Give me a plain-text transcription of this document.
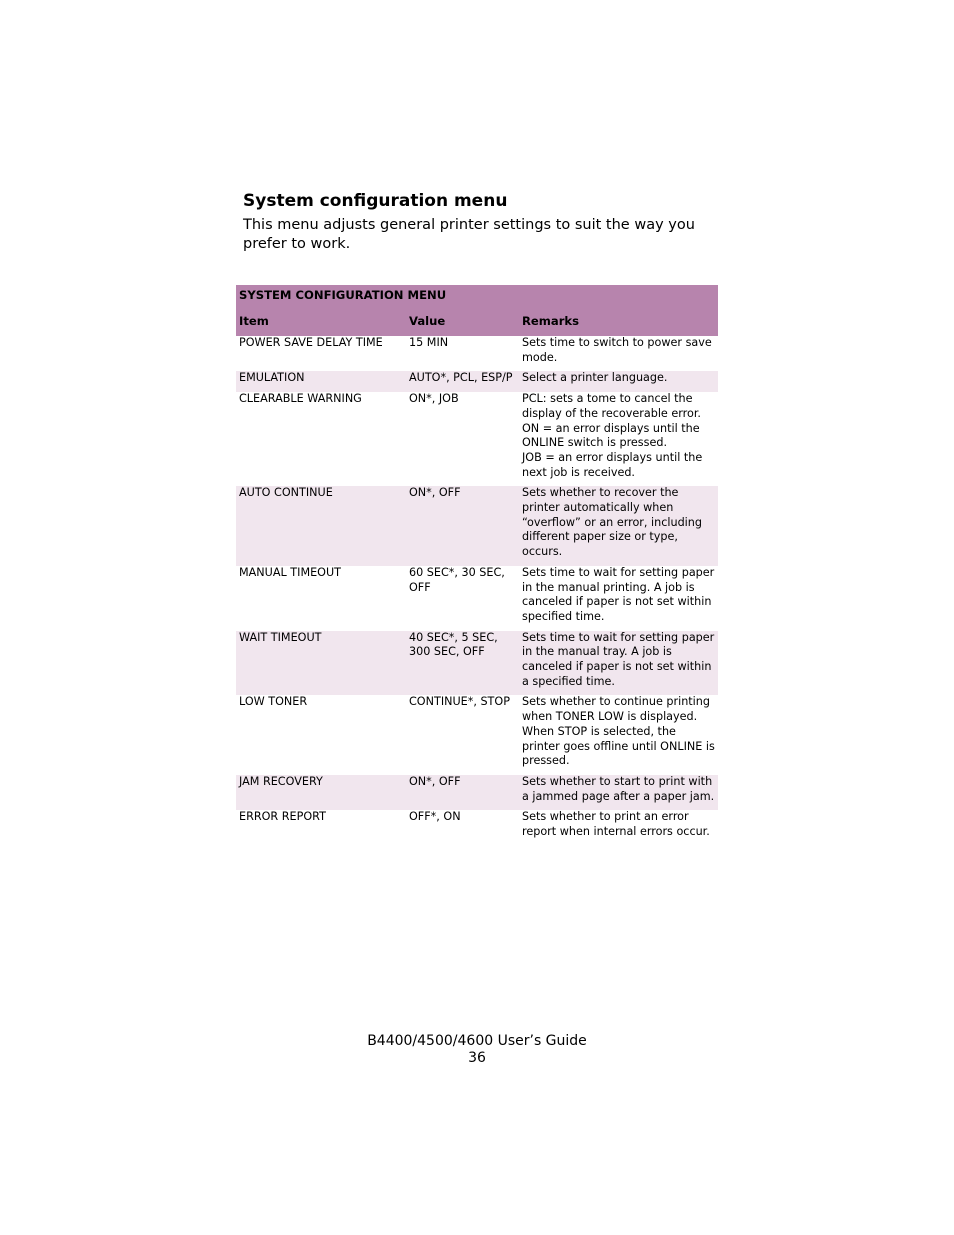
System configuration menu

This menu adjusts general printer settings to suit the way you prefer to work.

SYSTEM CONFIGURATION MENU		
Item	Value	Remarks
POWER SAVE DELAY TIME	15 MIN	Sets time to switch to power save mode.

EMULATION	AUTO*, PCL, ESP/P	Select a printer language.

CLEARABLE WARNING	ON*, JOB	PCL: sets a tome to cancel the display of the recoverable error.
ON = an error displays until the ONLINE switch is pressed.
JOB = an error displays until the next job is received.

AUTO CONTINUE	ON*, OFF	Sets whether to recover the printer automatically when “overflow” or an error, including different paper size or type, occurs.

MANUAL TIMEOUT	60 SEC*, 30 SEC, OFF	Sets time to wait for setting paper in the manual printing. A job is canceled if paper is not set within specified time.

WAIT TIMEOUT	40 SEC*, 5 SEC, 300 SEC, OFF	Sets time to wait for setting paper in the manual tray. A job is canceled if paper is not set within a specified time.

LOW TONER	CONTINUE*, STOP	Sets whether to continue printing when TONER LOW is displayed. When STOP is selected, the printer goes offline until ONLINE is pressed.

JAM RECOVERY	ON*, OFF	Sets whether to start to print with a jammed page after a paper jam.

ERROR REPORT	OFF*, ON	Sets whether to print an error report when internal errors occur.
B4400/4500/4600 User’s Guide
36
